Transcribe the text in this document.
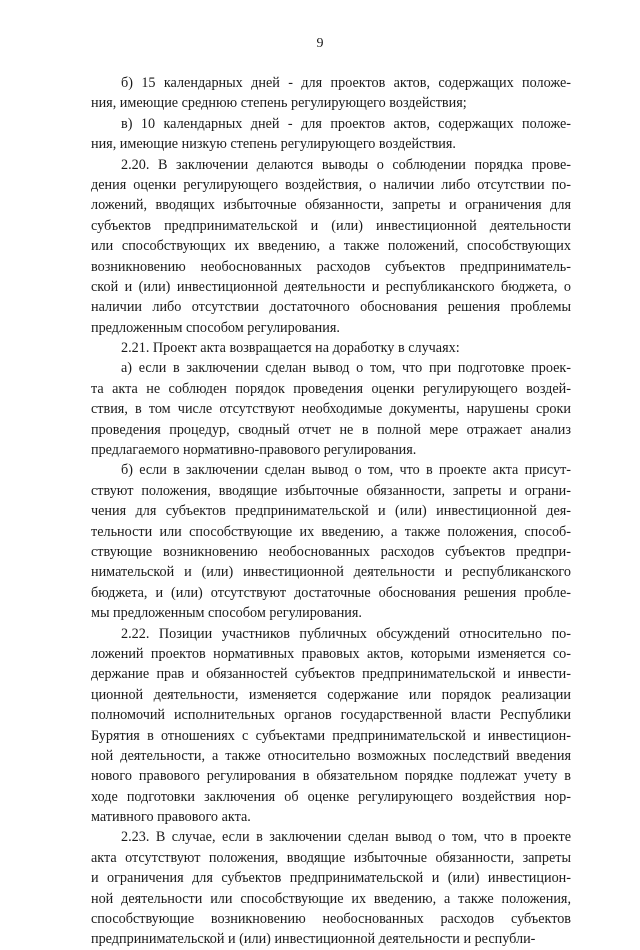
9
б) 15 календарных дней - для проектов актов, содержащих положе-
ния, имеющие среднюю степень регулирующего воздействия;
в) 10 календарных дней - для проектов актов, содержащих положе-
ния, имеющие низкую степень регулирующего воздействия.
2.20. В заключении делаются выводы о соблюдении порядка прове-
дения оценки регулирующего воздействия, о наличии либо отсутствии по-
ложений, вводящих избыточные обязанности, запреты и ограничения для
субъектов предпринимательской и (или) инвестиционной деятельности
или способствующих их введению, а также положений, способствующих
возникновению необоснованных расходов субъектов предприниматель-
ской и (или) инвестиционной деятельности и республиканского бюджета, о
наличии либо отсутствии достаточного обоснования решения проблемы
предложенным способом регулирования.
2.21. Проект акта возвращается на доработку в случаях:
а) если в заключении сделан вывод о том, что при подготовке проек-
та акта не соблюден порядок проведения оценки регулирующего воздей-
ствия, в том числе отсутствуют необходимые документы, нарушены сроки
проведения процедур, сводный отчет не в полной мере отражает анализ
предлагаемого нормативно-правового регулирования.
б) если в заключении сделан вывод о том, что в проекте акта присут-
ствуют положения, вводящие избыточные обязанности, запреты и ограни-
чения для субъектов предпринимательской и (или) инвестиционной дея-
тельности или способствующие их введению, а также положения, способ-
ствующие возникновению необоснованных расходов субъектов предпри-
нимательской и (или) инвестиционной деятельности и республиканского
бюджета, и (или) отсутствуют достаточные обоснования решения пробле-
мы предложенным способом регулирования.
2.22. Позиции участников публичных обсуждений относительно по-
ложений проектов нормативных правовых актов, которыми изменяется со-
держание прав и обязанностей субъектов предпринимательской и инвести-
ционной деятельности, изменяется содержание или порядок реализации
полномочий исполнительных органов государственной власти Республики
Бурятия в отношениях с субъектами предпринимательской и инвестицион-
ной деятельности, а также относительно возможных последствий введения
нового правового регулирования в обязательном порядке подлежат учету в
ходе подготовки заключения об оценке регулирующего воздействия нор-
мативного правового акта.
2.23. В случае, если в заключении сделан вывод о том, что в проекте
акта отсутствуют положения, вводящие избыточные обязанности, запреты
и ограничения для субъектов предпринимательской и (или) инвестицион-
ной деятельности или способствующие их введению, а также положения,
способствующие возникновению необоснованных расходов субъектов
предпринимательской и (или) инвестиционной деятельности и республи-
